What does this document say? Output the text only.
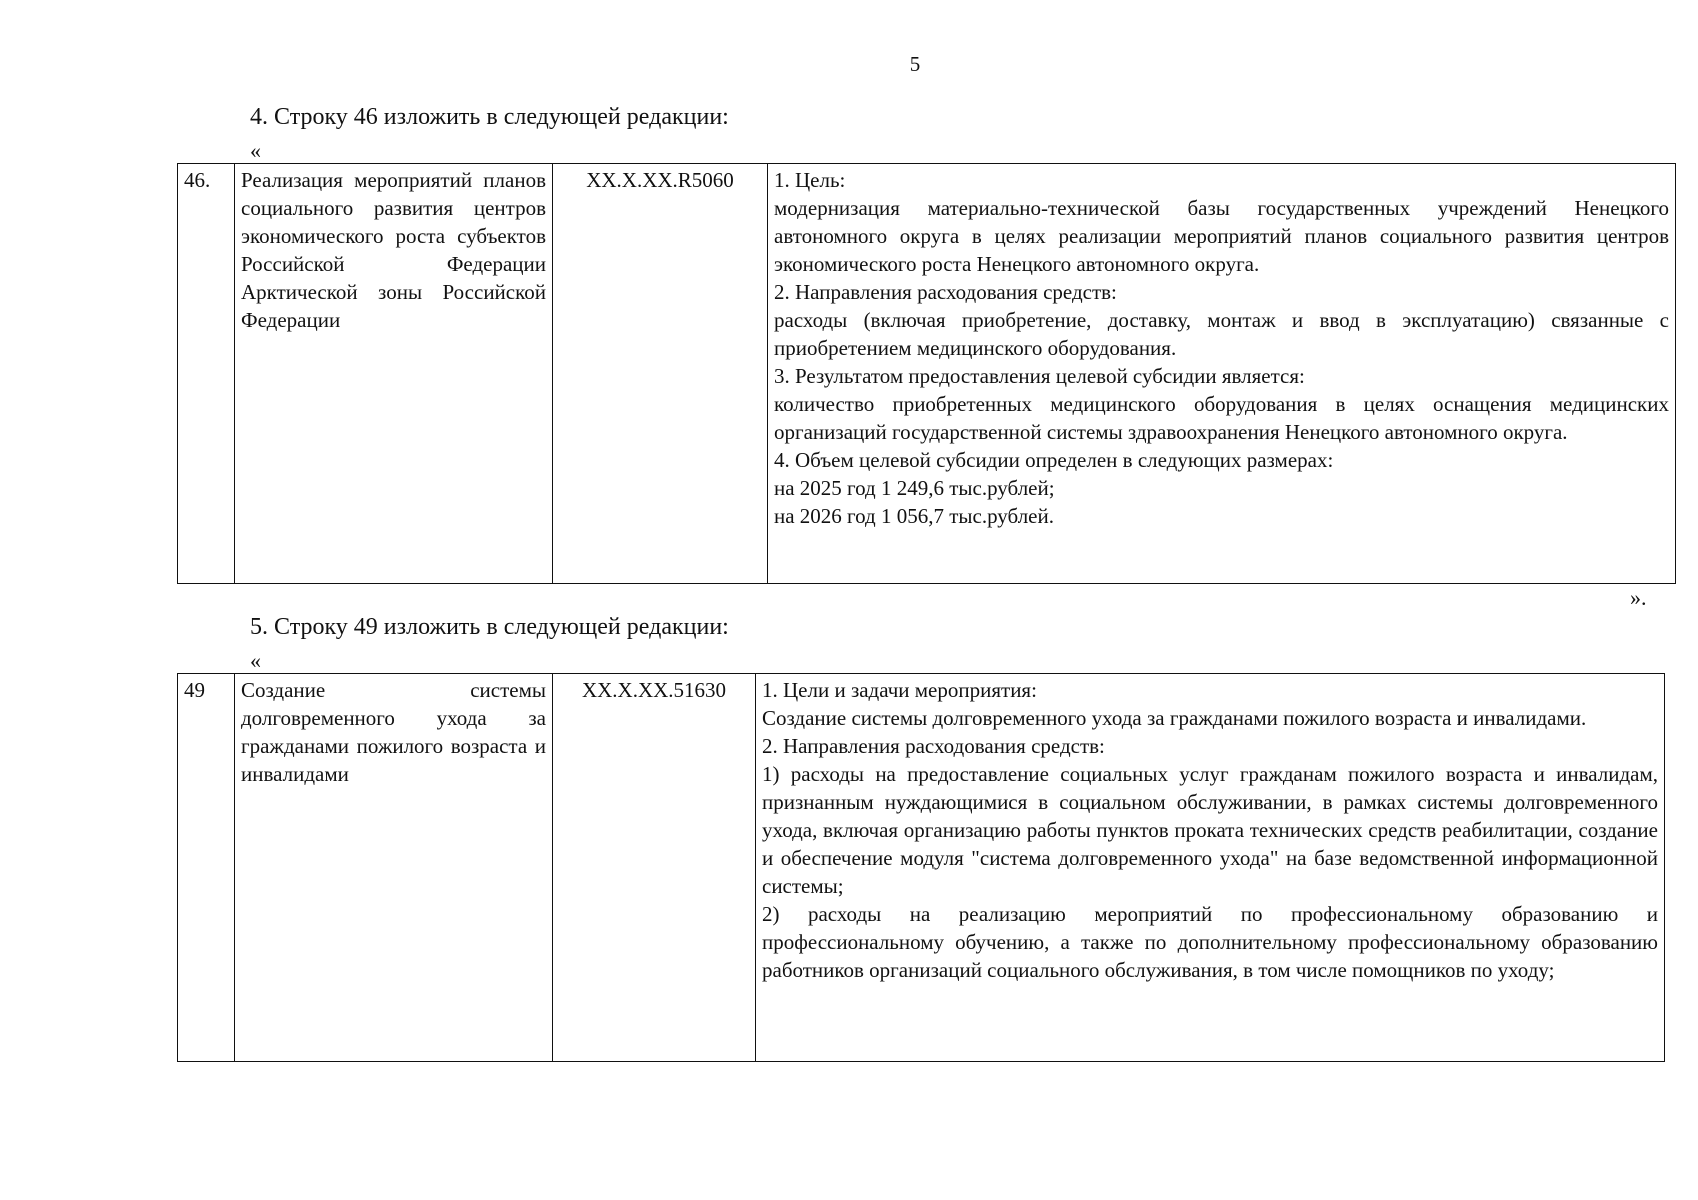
5
4. Строку 46 изложить в следующей редакции:
«
46.	Реализация мероприятий планов социального развития центров экономического роста субъектов Российской Федерации Арктической зоны Российской Федерации	XX.X.XX.R5060	1. Цель:
модернизация материально-технической базы государственных учреждений Ненецкого автономного округа в целях реализации мероприятий планов социального развития центров экономического роста Ненецкого автономного округа.
2. Направления расходования средств:
расходы (включая приобретение, доставку, монтаж и ввод в эксплуатацию) связанные с приобретением медицинского оборудования.
3. Результатом предоставления целевой субсидии является:
количество приобретенных медицинского оборудования в целях оснащения медицинских организаций государственной системы здравоохранения Ненецкого автономного округа.
4. Объем целевой субсидии определен в следующих размерах:
на 2025 год 1 249,6 тыс.рублей;
на 2026 год 1 056,7 тыс.рублей.
».
5. Строку 49 изложить в следующей редакции:
«
49	Создание системы долговременного ухода за гражданами пожилого возраста и инвалидами	XX.X.XX.51630	1. Цели и задачи мероприятия:
Создание системы долговременного ухода за гражданами пожилого возраста и инвалидами.
2. Направления расходования средств:
1) расходы на предоставление социальных услуг гражданам пожилого возраста и инвалидам, признанным нуждающимися в социальном обслуживании, в рамках системы долговременного ухода, включая организацию работы пунктов проката технических средств реабилитации, создание и обеспечение модуля "система долговременного ухода" на базе ведомственной информационной системы;
2) расходы на реализацию мероприятий по профессиональному образованию и профессиональному обучению, а также по дополнительному профессиональному образованию работников организаций социального обслуживания, в том числе помощников по уходу;
